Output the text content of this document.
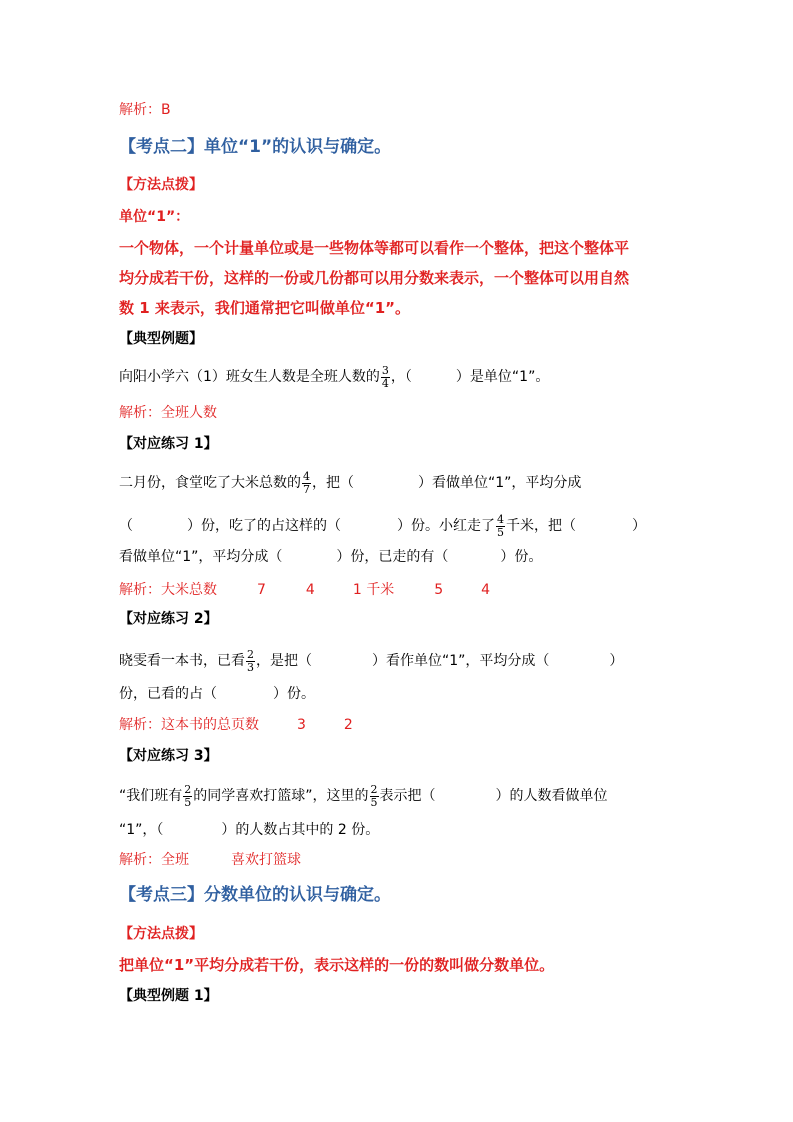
解析：B
【考点二】单位“1”的认识与确定。
【方法点拨】
单位“1”：
一个物体，一个计量单位或是一些物体等都可以看作一个整体，把这个整体平
均分成若干份，这样的一份或几份都可以用分数来表示，一个整体可以用自然
数 1 来表示，我们通常把它叫做单位“1”。
【典型例题】
向阳小学六（1）班女生人数是全班人数的 $\frac{3}{4}$ ，（	）是单位“1”。
解析：全班人数
【对应练习 1】
二月份，食堂吃了大米总数的 $\frac{4}{7}$ ，把（	）看做单位“1”，平均分成
（	）份，吃了的占这样的（	）份。小红走了 $\frac{4}{5}$ 千米，把（	）
看做单位“1”，平均分成（	）份，已走的有（	）份。
解析：大米总数	7	4	1 千米	5	4
【对应练习 2】
晓雯看一本书，已看 $\frac{2}{3}$ ，是把（	）看作单位“1”，平均分成（	）
份，已看的占（	）份。
解析：这本书的总页数	3	2
【对应练习 3】
“我们班有 $\frac{2}{5}$ 的同学喜欢打篮球”，这里的 $\frac{2}{5}$ 表示把（	）的人数看做单位
“1”，（	）的人数占其中的 2 份。
解析：全班	喜欢打篮球
【考点三】分数单位的认识与确定。
【方法点拨】
把单位“1”平均分成若干份，表示这样的一份的数叫做分数单位。
【典型例题 1】
